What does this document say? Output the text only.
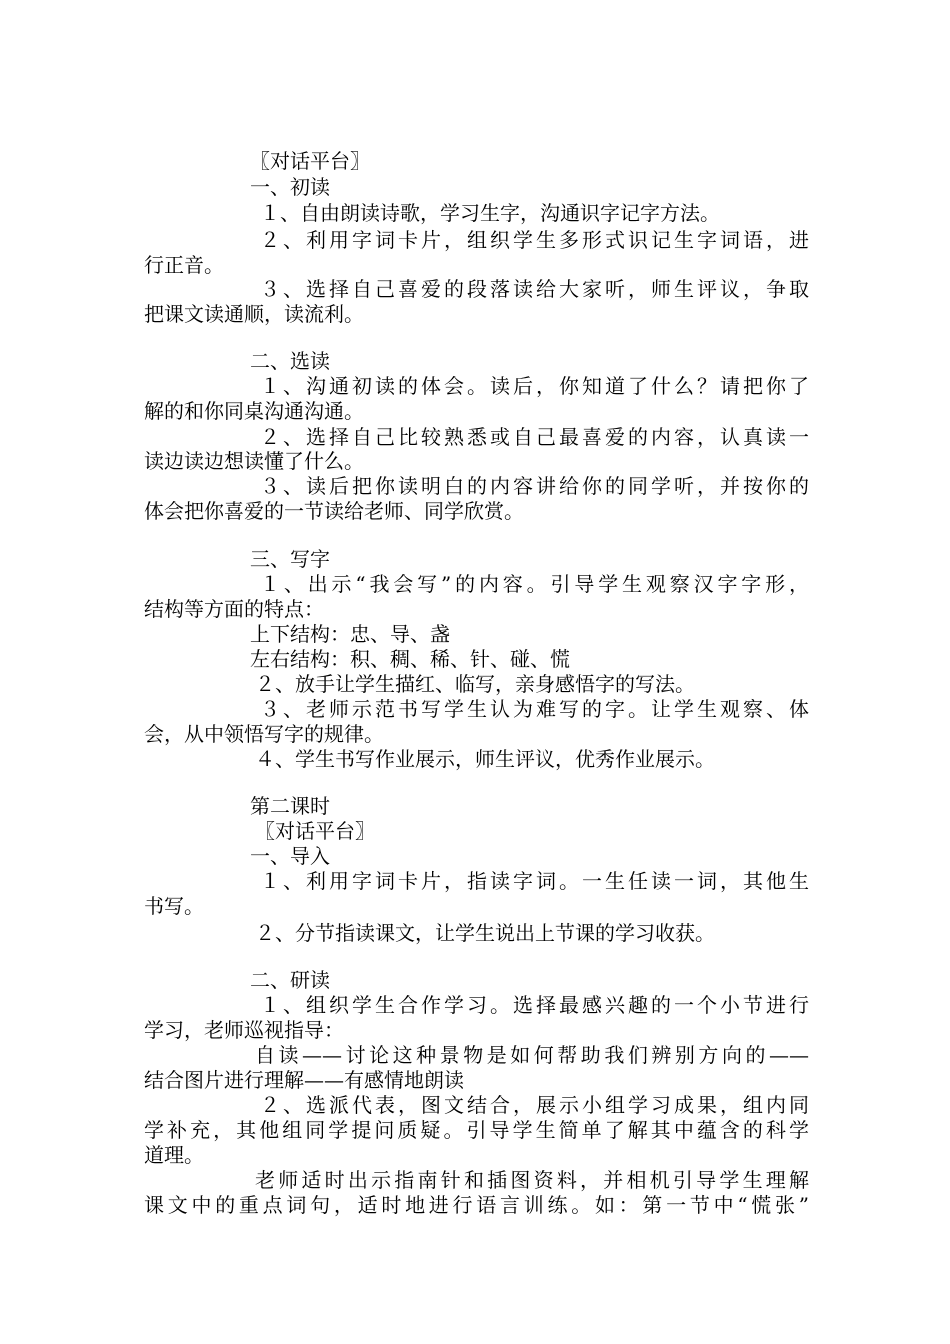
〖对话平台〗
一、初读
１、自由朗读诗歌，学习生字，沟通识字记字方法。
２、利用字词卡片，组织学生多形式识记生字词语，进
行正音。
３、选择自己喜爱的段落读给大家听，师生评议，争取
把课文读通顺，读流利。
二、选读
１、沟通初读的体会。读后，你知道了什么？请把你了
解的和你同桌沟通沟通。
２、选择自己比较熟悉或自己最喜爱的内容，认真读一
读边读边想读懂了什么。
３、读后把你读明白的内容讲给你的同学听，并按你的
体会把你喜爱的一节读给老师、同学欣赏。
三、写字
１、出示“我会写”的内容。引导学生观察汉字字形，
结构等方面的特点：
上下结构：忠、导、盏
左右结构：积、稠、稀、针、碰、慌
２、放手让学生描红、临写，亲身感悟字的写法。
３、老师示范书写学生认为难写的字。让学生观察、体
会，从中领悟写字的规律。
４、学生书写作业展示，师生评议，优秀作业展示。
第二课时
〖对话平台〗
一、导入
１、利用字词卡片，指读字词。一生任读一词，其他生
书写。
２、分节指读课文，让学生说出上节课的学习收获。
二、研读
１、组织学生合作学习。选择最感兴趣的一个小节进行
学习，老师巡视指导：
自读——讨论这种景物是如何帮助我们辨别方向的——
结合图片进行理解——有感情地朗读
２、选派代表，图文结合，展示小组学习成果，组内同
学补充，其他组同学提问质疑。引导学生简单了解其中蕴含的科学
道理。
老师适时出示指南针和插图资料，并相机引导学生理解
课文中的重点词句，适时地进行语言训练。如：第一节中“慌张”
